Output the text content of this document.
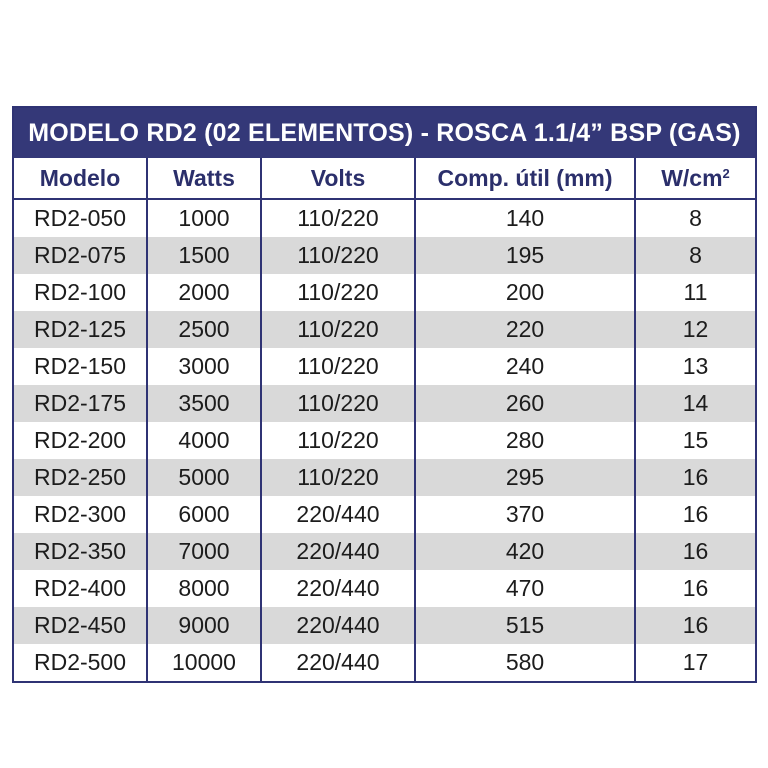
MODELO RD2 (02 ELEMENTOS) - ROSCA 1.1/4” BSP (GAS)
Modelo	Watts	Volts	Comp. útil (mm)	$W/cm^2$
RD2-050	1000	110/220	140	8
RD2-075	1500	110/220	195	8
RD2-100	2000	110/220	200	11
RD2-125	2500	110/220	220	12
RD2-150	3000	110/220	240	13
RD2-175	3500	110/220	260	14
RD2-200	4000	110/220	280	15
RD2-250	5000	110/220	295	16
RD2-300	6000	220/440	370	16
RD2-350	7000	220/440	420	16
RD2-400	8000	220/440	470	16
RD2-450	9000	220/440	515	16
RD2-500	10000	220/440	580	17
